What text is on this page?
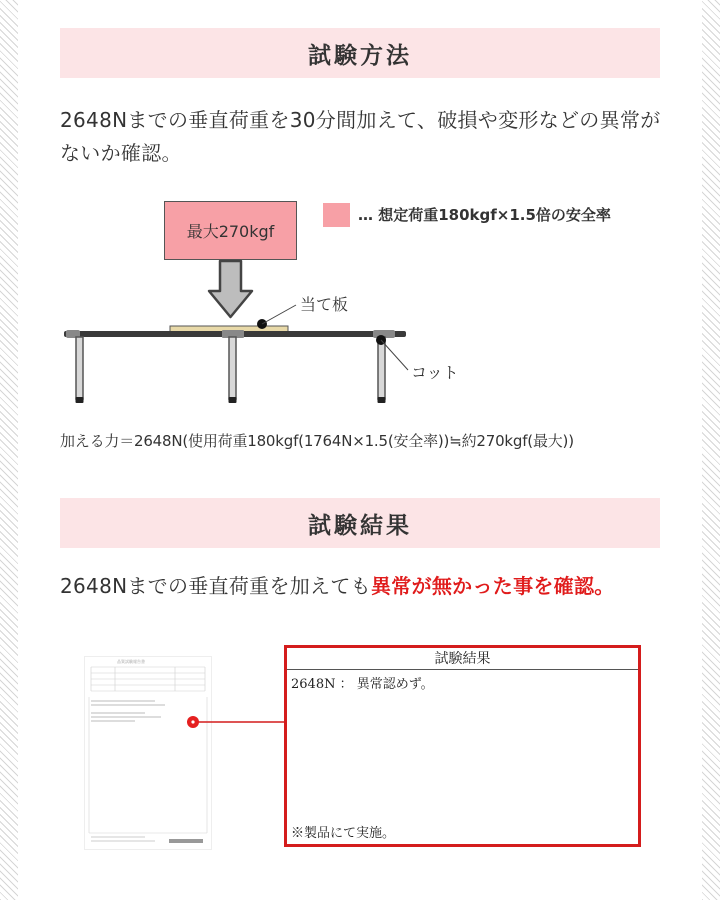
試験方法
2648Nまでの垂直荷重を30分間加えて、破損や変形などの異常がないか確認。
最大270kgf
… 想定荷重180kgf×1.5倍の安全率
当て板
コット
加える力＝2648N(使用荷重180kgf(1764N×1.5(安全率))≒約270kgf(最大))
試験結果
2648Nまでの垂直荷重を加えても異常が無かった事を確認。
品質試験報告書	試験結果
2648N ： 異常認めず。
※製品にて実施。
